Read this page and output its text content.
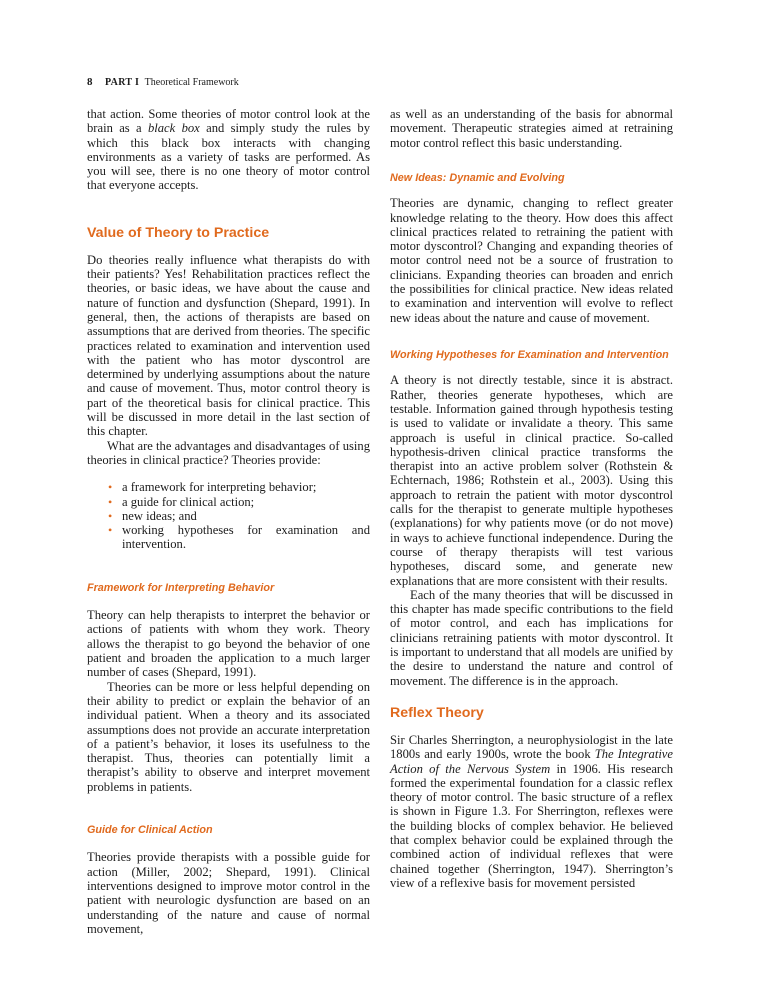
8 PART I Theoretical Framework

that action. Some theories of motor control look at the brain as a black box and simply study the rules by which this black box interacts with changing environments as a variety of tasks are performed. As you will see, there is no one theory of motor control that everyone accepts.

Value of Theory to Practice

Do theories really influence what therapists do with their patients? Yes! Rehabilitation practices reflect the theories, or basic ideas, we have about the cause and nature of function and dysfunction (Shepard, 1991). In general, then, the actions of therapists are based on assumptions that are derived from theories. The specific practices related to examination and intervention used with the patient who has motor dyscontrol are determined by underlying assumptions about the nature and cause of movement. Thus, motor control theory is part of the theoretical basis for clinical practice. This will be discussed in more detail in the last section of this chapter.

What are the advantages and disadvantages of using theories in clinical practice? Theories provide:

• a framework for interpreting behavior;
• a guide for clinical action;
• new ideas; and
• working hypotheses for examination and intervention.
Framework for Interpreting Behavior

Theory can help therapists to interpret the behavior or actions of patients with whom they work. Theory allows the therapist to go beyond the behavior of one patient and broaden the application to a much larger number of cases (Shepard, 1991).

Theories can be more or less helpful depending on their ability to predict or explain the behavior of an individual patient. When a theory and its associated assumptions does not provide an accurate interpretation of a patient’s behavior, it loses its usefulness to the therapist. Thus, theories can potentially limit a therapist’s ability to observe and interpret movement problems in patients.

Guide for Clinical Action

Theories provide therapists with a possible guide for action (Miller, 2002; Shepard, 1991). Clinical interventions designed to improve motor control in the patient with neurologic dysfunction are based on an understanding of the nature and cause of normal movement,

as well as an understanding of the basis for abnormal movement. Therapeutic strategies aimed at retraining motor control reflect this basic understanding.

New Ideas: Dynamic and Evolving

Theories are dynamic, changing to reflect greater knowledge relating to the theory. How does this affect clinical practices related to retraining the patient with motor dyscontrol? Changing and expanding theories of motor control need not be a source of frustration to clinicians. Expanding theories can broaden and enrich the possibilities for clinical practice. New ideas related to examination and intervention will evolve to reflect new ideas about the nature and cause of movement.

Working Hypotheses for Examination and Intervention

A theory is not directly testable, since it is abstract. Rather, theories generate hypotheses, which are testable. Information gained through hypothesis testing is used to validate or invalidate a theory. This same approach is useful in clinical practice. So-called hypothesis-driven clinical practice transforms the therapist into an active problem solver (Rothstein & Echternach, 1986; Rothstein et al., 2003). Using this approach to retrain the patient with motor dyscontrol calls for the therapist to generate multiple hypotheses (explanations) for why patients move (or do not move) in ways to achieve functional independence. During the course of therapy therapists will test various hypotheses, discard some, and generate new explanations that are more consistent with their results.

Each of the many theories that will be discussed in this chapter has made specific contributions to the field of motor control, and each has implications for clinicians retraining patients with motor dyscontrol. It is important to understand that all models are unified by the desire to understand the nature and control of movement. The difference is in the approach.

Reflex Theory

Sir Charles Sherrington, a neurophysiologist in the late 1800s and early 1900s, wrote the book The Integrative Action of the Nervous System in 1906. His research formed the experimental foundation for a classic reflex theory of motor control. The basic structure of a reflex is shown in Figure 1.3. For Sherrington, reflexes were the building blocks of complex behavior. He believed that complex behavior could be explained through the combined action of individual reflexes that were chained together (Sherrington, 1947). Sherrington’s view of a reflexive basis for movement persisted
